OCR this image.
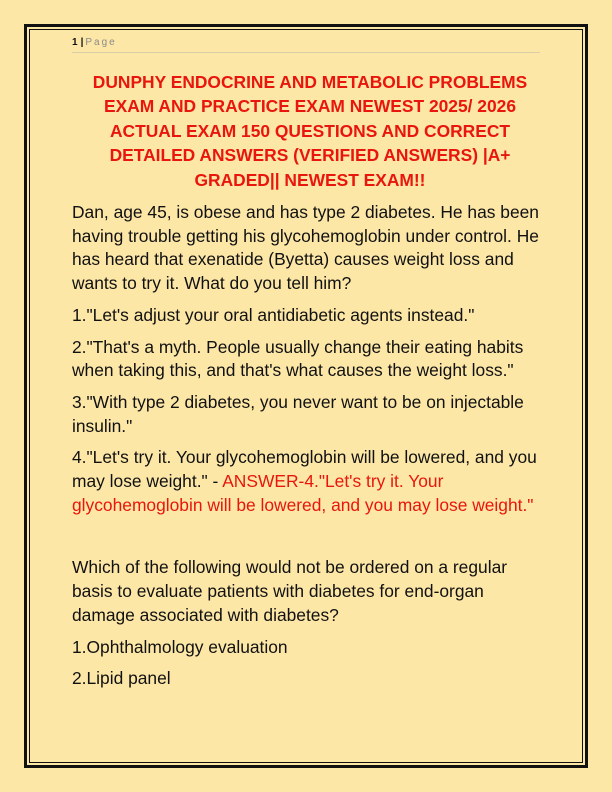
1 | Page

DUNPHY ENDOCRINE AND METABOLIC PROBLEMS EXAM AND PRACTICE EXAM NEWEST 2025/ 2026 ACTUAL EXAM 150 QUESTIONS AND CORRECT DETAILED ANSWERS (VERIFIED ANSWERS) |A+ GRADED|| NEWEST EXAM!!

Dan, age 45, is obese and has type 2 diabetes. He has been having trouble getting his glycohemoglobin under control. He has heard that exenatide (Byetta) causes weight loss and wants to try it. What do you tell him?

1."Let's adjust your oral antidiabetic agents instead."

2."That's a myth. People usually change their eating habits when taking this, and that's what causes the weight loss."

3."With type 2 diabetes, you never want to be on injectable insulin."

4."Let's try it. Your glycohemoglobin will be lowered, and you may lose weight." - ANSWER-4."Let's try it. Your glycohemoglobin will be lowered, and you may lose weight."

Which of the following would not be ordered on a regular basis to evaluate patients with diabetes for end-organ damage associated with diabetes?

1.Ophthalmology evaluation

2.Lipid panel
